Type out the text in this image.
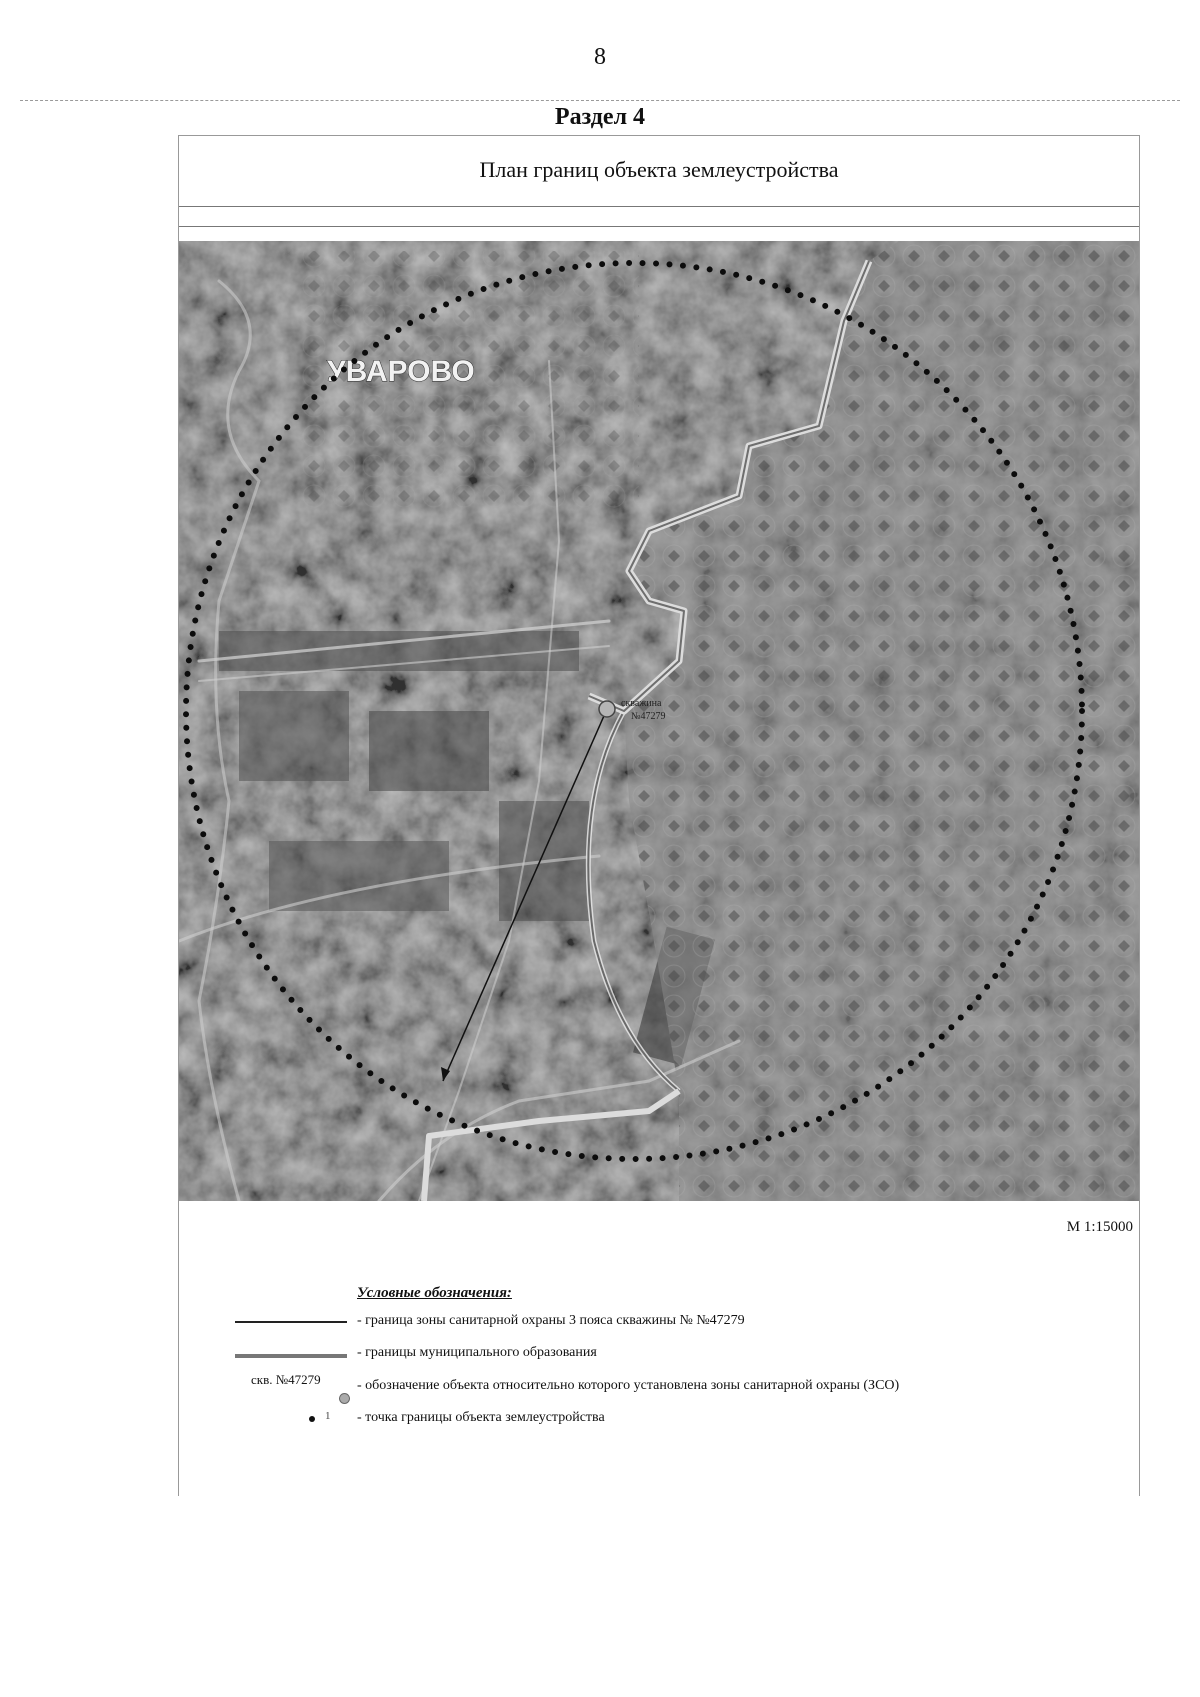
8
Раздел 4
План границ объекта землеустройства
скважина
№47279
УВАРОВО
М 1:15000
Условные обозначения:
- граница зоны санитарной охраны 3 пояса скважины № №47279
- границы муниципального образования
скв. №47279	- обозначение объекта относительно которого установлена зоны санитарной охраны (ЗСО)
1 - точка границы объекта землеустройства
